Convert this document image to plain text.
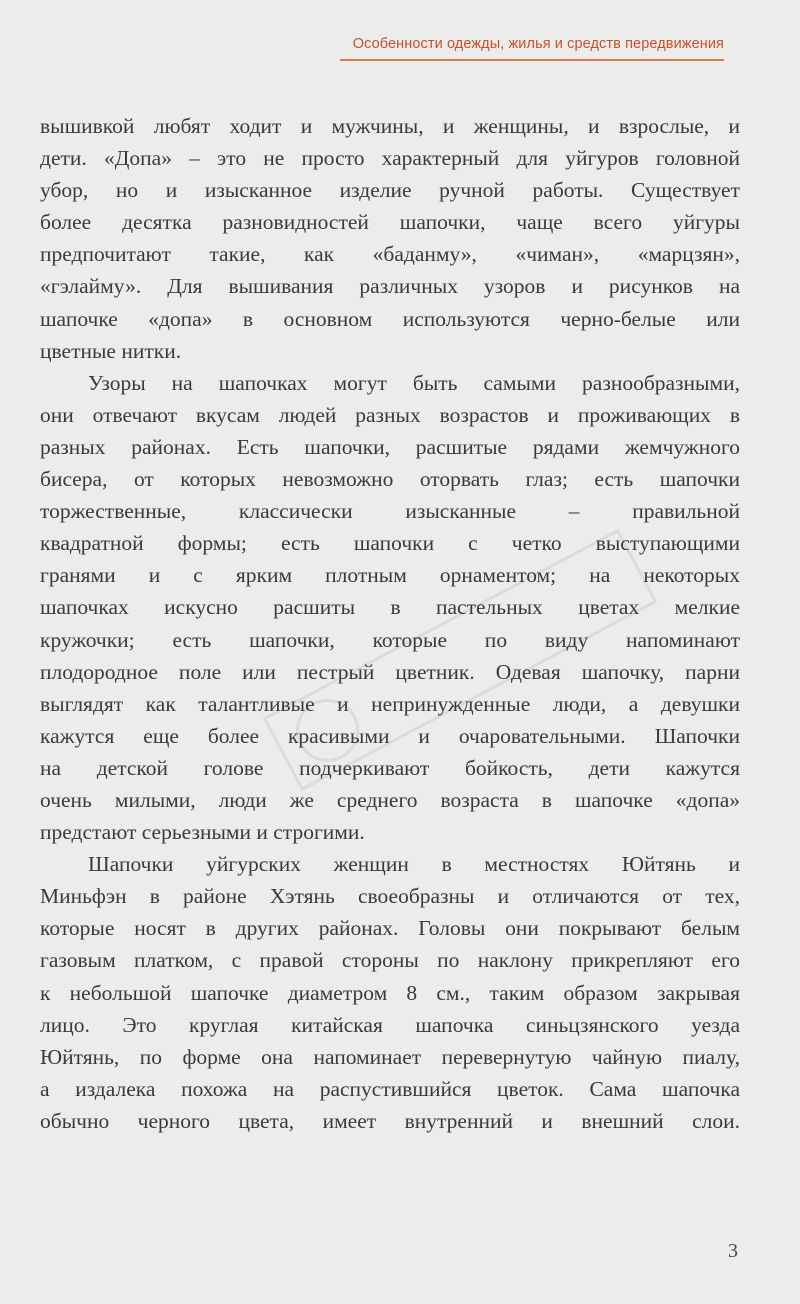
Особенности одежды, жилья и средств передвижения
вышивкой любят ходит и мужчины, и женщины, и взрослые, и
дети. «Допа» – это не просто характерный для уйгуров головной
убор, но и изысканное изделие ручной работы. Существует
более десятка разновидностей шапочки, чаще всего уйгуры
предпочитают такие, как «баданму», «чиман», «марцзян»,
«гэлайму». Для вышивания различных узоров и рисунков на
шапочке «допа» в основном используются черно-белые или
цветные нитки.
Узоры на шапочках могут быть самыми разнообразными,
они отвечают вкусам людей разных возрастов и проживающих в
разных районах. Есть шапочки, расшитые рядами жемчужного
бисера, от которых невозможно оторвать глаз; есть шапочки
торжественные, классически изысканные – правильной
квадратной формы; есть шапочки с четко выступающими
гранями и с ярким плотным орнаментом; на некоторых
шапочках искусно расшиты в пастельных цветах мелкие
кружочки; есть шапочки, которые по виду напоминают
плодородное поле или пестрый цветник. Одевая шапочку, парни
выглядят как талантливые и непринужденные люди, а девушки
кажутся еще более красивыми и очаровательными. Шапочки
на детской голове подчеркивают бойкость, дети кажутся
очень милыми, люди же среднего возраста в шапочке «допа»
предстают серьезными и строгими.
Шапочки уйгурских женщин в местностях Юйтянь и
Миньфэн в районе Хэтянь своеобразны и отличаются от тех,
которые носят в других районах. Головы они покрывают белым
газовым платком, с правой стороны по наклону прикрепляют его
к небольшой шапочке диаметром 8 см., таким образом закрывая
лицо. Это круглая китайская шапочка синьцзянского уезда
Юйтянь, по форме она напоминает перевернутую чайную пиалу,
а издалека похожа на распустившийся цветок. Сама шапочка
обычно черного цвета, имеет внутренний и внешний слои.
3
